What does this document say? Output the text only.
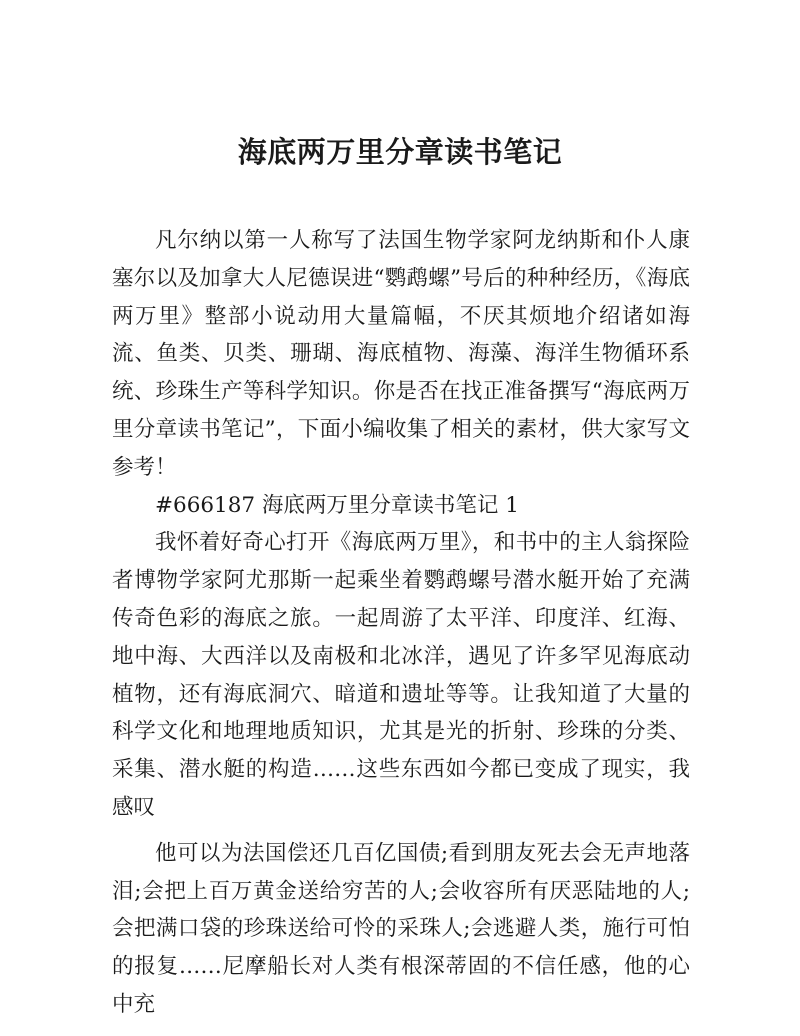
海底两万里分章读书笔记

凡尔纳以第一人称写了法国生物学家阿龙纳斯和仆人康塞尔以及加拿大人尼德误进“鹦鹉螺”号后的种种经历，《海底两万里》整部小说动用大量篇幅，不厌其烦地介绍诸如海流、鱼类、贝类、珊瑚、海底植物、海藻、海洋生物循环系统、珍珠生产等科学知识。你是否在找正准备撰写“海底两万里分章读书笔记”，下面小编收集了相关的素材，供大家写文参考！

#666187 海底两万里分章读书笔记 1

我怀着好奇心打开《海底两万里》，和书中的主人翁探险者博物学家阿尤那斯一起乘坐着鹦鹉螺号潜水艇开始了充满传奇色彩的海底之旅。一起周游了太平洋、印度洋、红海、地中海、大西洋以及南极和北冰洋，遇见了许多罕见海底动植物，还有海底洞穴、暗道和遗址等等。让我知道了大量的科学文化和地理地质知识，尤其是光的折射、珍珠的分类、采集、潜水艇的构造……这些东西如今都已变成了现实，我感叹

他可以为法国偿还几百亿国债;看到朋友死去会无声地落泪;会把上百万黄金送给穷苦的人;会收容所有厌恶陆地的人;会把满口袋的珍珠送给可怜的采珠人;会逃避人类，施行可怕的报复……尼摩船长对人类有根深蒂固的不信任感，他的心中充
